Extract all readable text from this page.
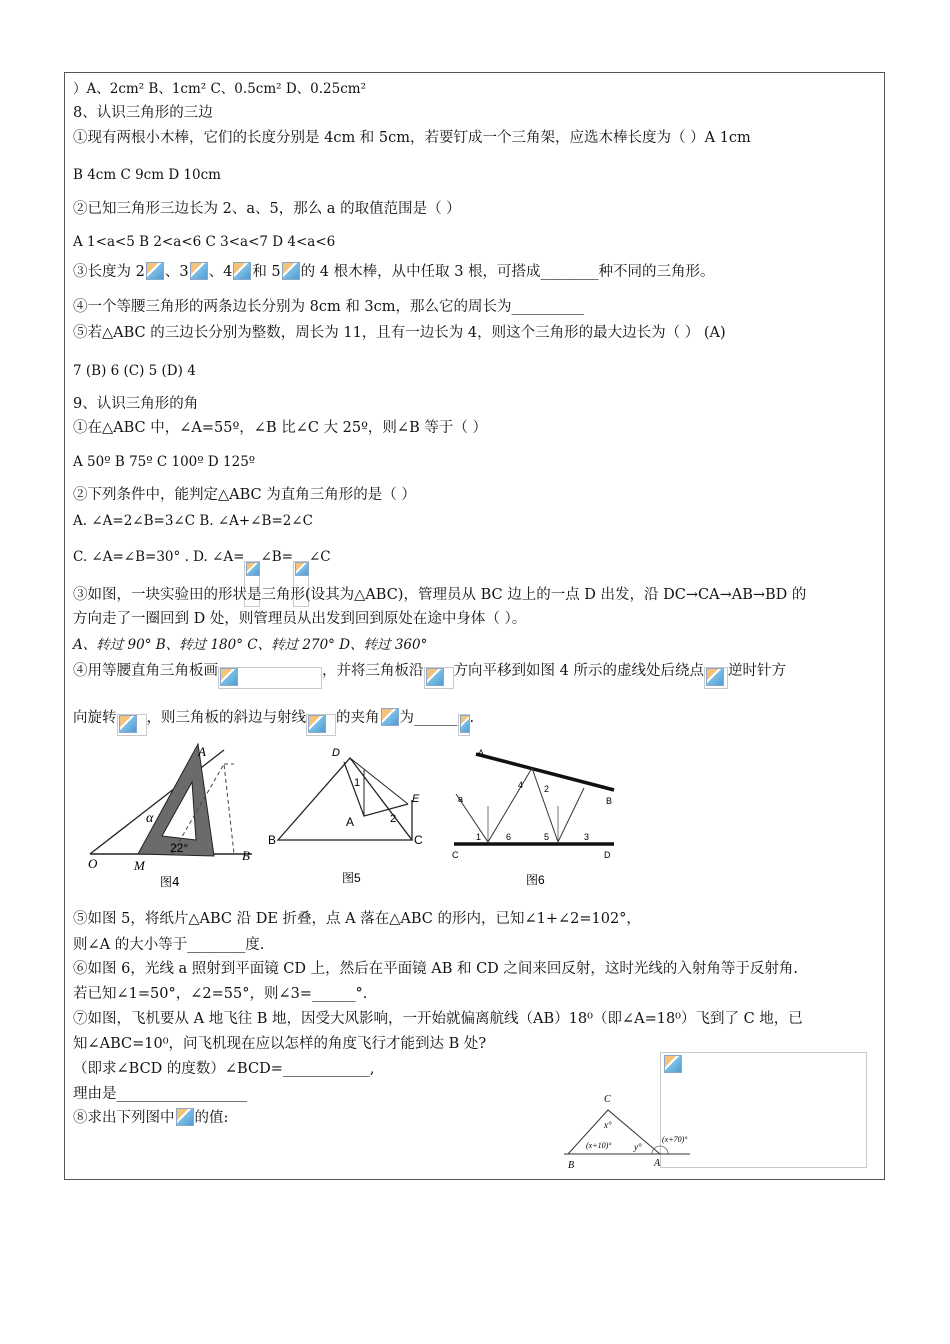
）A、2cm² B、1cm² C、0.5cm² D、0.25cm²
8、认识三角形的三边
①现有两根小木棒，它们的长度分别是 4cm 和 5cm，若要钉成一个三角架，应选木棒长度为（ ）A 1cm
B 4cm C 9cm D 10cm
②已知三角形三边长为 2、a、5，那么 a 的取值范围是（ ）
A 1<a<5 B 2<a<6 C 3<a<7 D 4<a<6
③长度为 2 、3 、4 和 5 的 4 根木棒，从中任取 3 根，可搭成________种不同的三角形。
④一个等腰三角形的两条边长分别为 8cm 和 3cm，那么它的周长为__________
⑤若△ABC 的三边长分别为整数，周长为 11，且有一边长为 4，则这个三角形的最大边长为（ ） (A)
7 (B) 6 (C) 5 (D) 4
9、认识三角形的角
①在△ABC 中，∠A=55º，∠B 比∠C 大 25º，则∠B 等于（ ）
A 50º B 75º C 100º D 125º
②下列条件中，能判定△ABC 为直角三角形的是（ ）
A. ∠A=2∠B=3∠C B. ∠A+∠B=2∠C
C. ∠A=∠B=30° . D. ∠A= ∠B= ∠C
③如图，一块实验田的形状是三角形(设其为△ABC)，管理员从 BC 边上的一点 D 出发，沿 DC→CA→AB→BD 的
方向走了一圈回到 D 处，则管理员从出发到回到原处在途中身体（ ）。
A、转过 90° B、转过 180° C、转过 270° D、转过 360°
④用等腰直角三角板画	，并将三角板沿 方向平移到如图 4 所示的虚线处后绕点 逆时针方
向旋转 ，则三角板的斜边与射线 的夹角 为______ .
A
O	M
B
α
22°
图4
D
E
1
2
A
B	C
图5
A
B
C	D
a
1
2
3
4
5
6
图6
⑤如图 5，将纸片△ABC 沿 DE 折叠，点 A 落在△ABC 的形内，已知∠1+∠2=102°，
则∠A 的大小等于________度.
⑥如图 6，光线 a 照射到平面镜 CD 上，然后在平面镜 AB 和 CD 之间来回反射，这时光线的入射角等于反射角.
若已知∠1=50°，∠2=55°，则∠3=______°.
⑦如图，飞机要从 A 地飞往 B 地，因受大风影响，一开始就偏离航线（AB）18⁰（即∠A=18⁰）飞到了 C 地，已
知∠ABC=10⁰，问飞机现在应以怎样的角度飞行才能到达 B 处?
（即求∠BCD 的度数）∠BCD=____________,
理由是__________________
⑧求出下列图中 的值:
C
x°
(x+10)°	y°
(x+70)°
B	A
